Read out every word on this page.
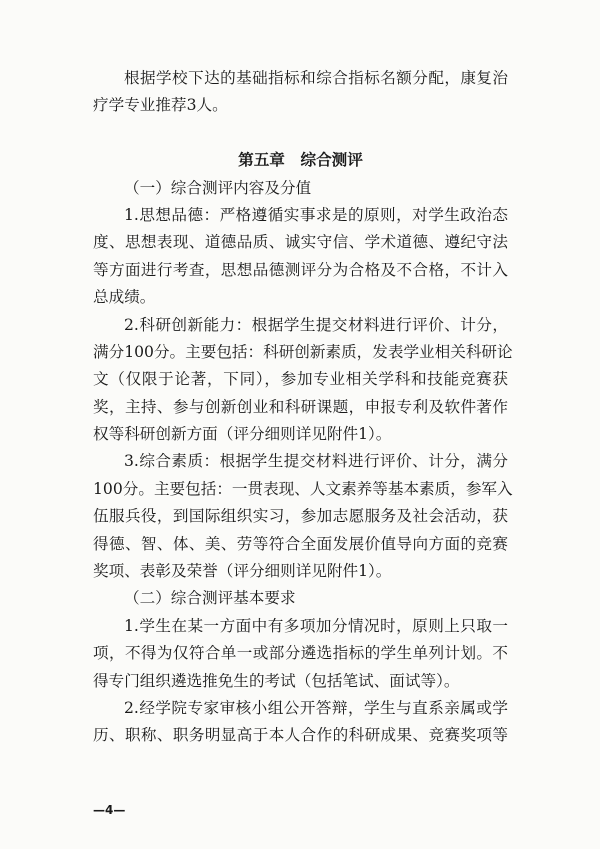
根据学校下达的基础指标和综合指标名额分配，康复治
疗学专业推荐3人。
第五章　综合测评
（一）综合测评内容及分值
1.思想品德：严格遵循实事求是的原则，对学生政治态
度、思想表现、道德品质、诚实守信、学术道德、遵纪守法
等方面进行考查，思想品德测评分为合格及不合格，不计入
总成绩。
2.科研创新能力：根据学生提交材料进行评价、计分，
满分100分。主要包括：科研创新素质，发表学业相关科研论
文（仅限于论著，下同），参加专业相关学科和技能竞赛获
奖，主持、参与创新创业和科研课题，申报专利及软件著作
权等科研创新方面（评分细则详见附件1）。
3.综合素质：根据学生提交材料进行评价、计分，满分
100分。主要包括：一贯表现、人文素养等基本素质，参军入
伍服兵役，到国际组织实习，参加志愿服务及社会活动，获
得德、智、体、美、劳等符合全面发展价值导向方面的竞赛
奖项、表彰及荣誉（评分细则详见附件1）。
（二）综合测评基本要求
1.学生在某一方面中有多项加分情况时，原则上只取一
项，不得为仅符合单一或部分遴选指标的学生单列计划。不
得专门组织遴选推免生的考试（包括笔试、面试等）。
2.经学院专家审核小组公开答辩，学生与直系亲属或学
历、职称、职务明显高于本人合作的科研成果、竞赛奖项等
—4—
